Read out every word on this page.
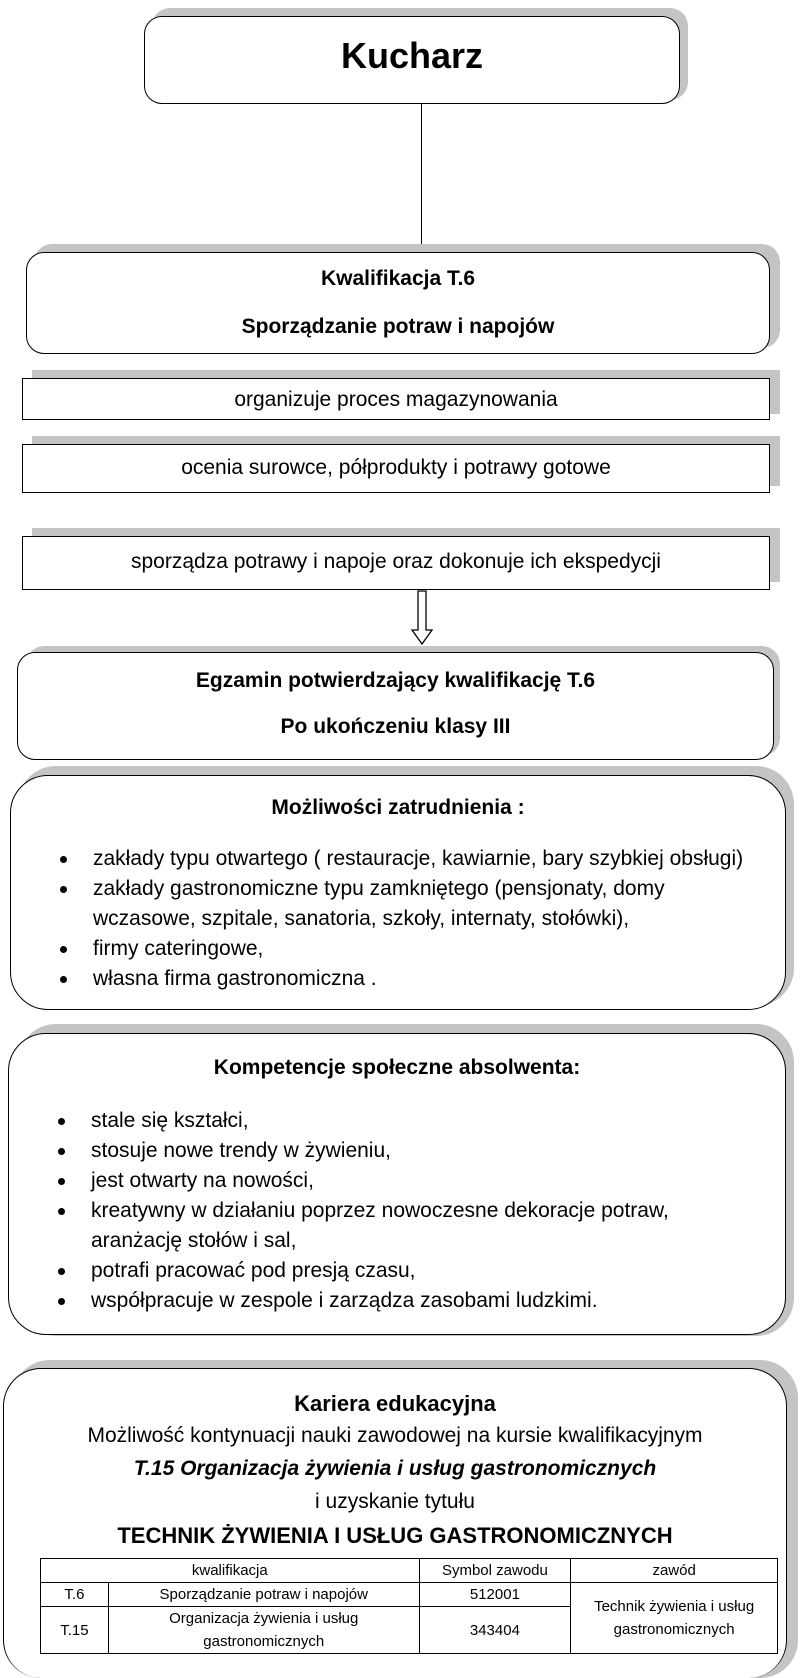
Kucharz
Kwalifikacja T.6
Sporządzanie potraw i napojów
organizuje proces magazynowania
ocenia surowce, półprodukty i potrawy gotowe
sporządza potrawy i napoje oraz dokonuje ich ekspedycji
Egzamin potwierdzający kwalifikację T.6
Po ukończeniu klasy III
Możliwości zatrudnienia :
zakłady typu otwartego ( restauracje, kawiarnie, bary szybkiej obsługi)
zakłady gastronomiczne typu zamkniętego (pensjonaty, domy wczasowe, szpitale, sanatoria, szkoły, internaty, stołówki),
firmy cateringowe,
własna firma gastronomiczna .
Kompetencje społeczne absolwenta:
stale się kształci,
stosuje nowe trendy w żywieniu,
jest otwarty na nowości,
kreatywny w działaniu poprzez nowoczesne dekoracje potraw, aranżację stołów i sal,
potrafi pracować pod presją czasu,
współpracuje w zespole i zarządza zasobami ludzkimi.
Kariera edukacyjna
Możliwość kontynuacji nauki zawodowej na kursie kwalifikacyjnym
T.15 Organizacja żywienia i usług gastronomicznych
i uzyskanie tytułu
TECHNIK ŻYWIENIA I USŁUG GASTRONOMICZNYCH
kwalifikacja		Symbol zawodu	zawód
T.6	Sporządzanie potraw i napojów	512001	Technik żywienia i usług gastronomicznych
T.15	Organizacja żywienia i usług gastronomicznych	343404	
